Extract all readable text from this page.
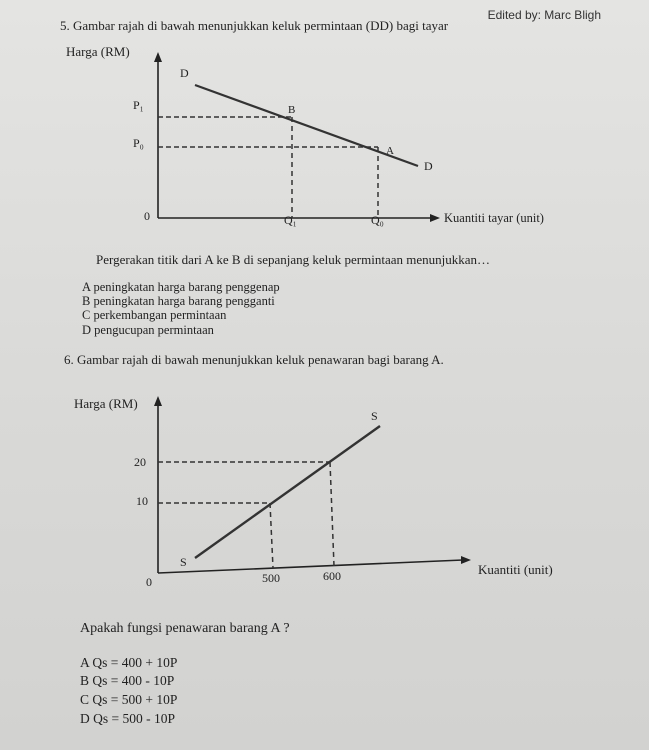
Edited by: Marc Bligh
5. Gambar rajah di bawah menunjukkan keluk permintaan (DD) bagi tayar
Harga (RM)
D
D
B
A
P₁
P₀
0	Q₁	Q₀	Kuantiti tayar (unit)
Pergerakan titik dari A ke B di sepanjang keluk permintaan menunjukkan…
A peningkatan harga barang penggenap
B peningkatan harga barang pengganti
C perkembangan permintaan
D pengucupan permintaan
6. Gambar rajah di bawah menunjukkan keluk penawaran bagi barang A.
Harga (RM)
S
S
20
10
0	500	600	Kuantiti (unit)
Apakah fungsi penawaran barang A ?
A Qs = 400 + 10P
B Qs = 400 - 10P
C Qs = 500 + 10P
D Qs = 500 - 10P
